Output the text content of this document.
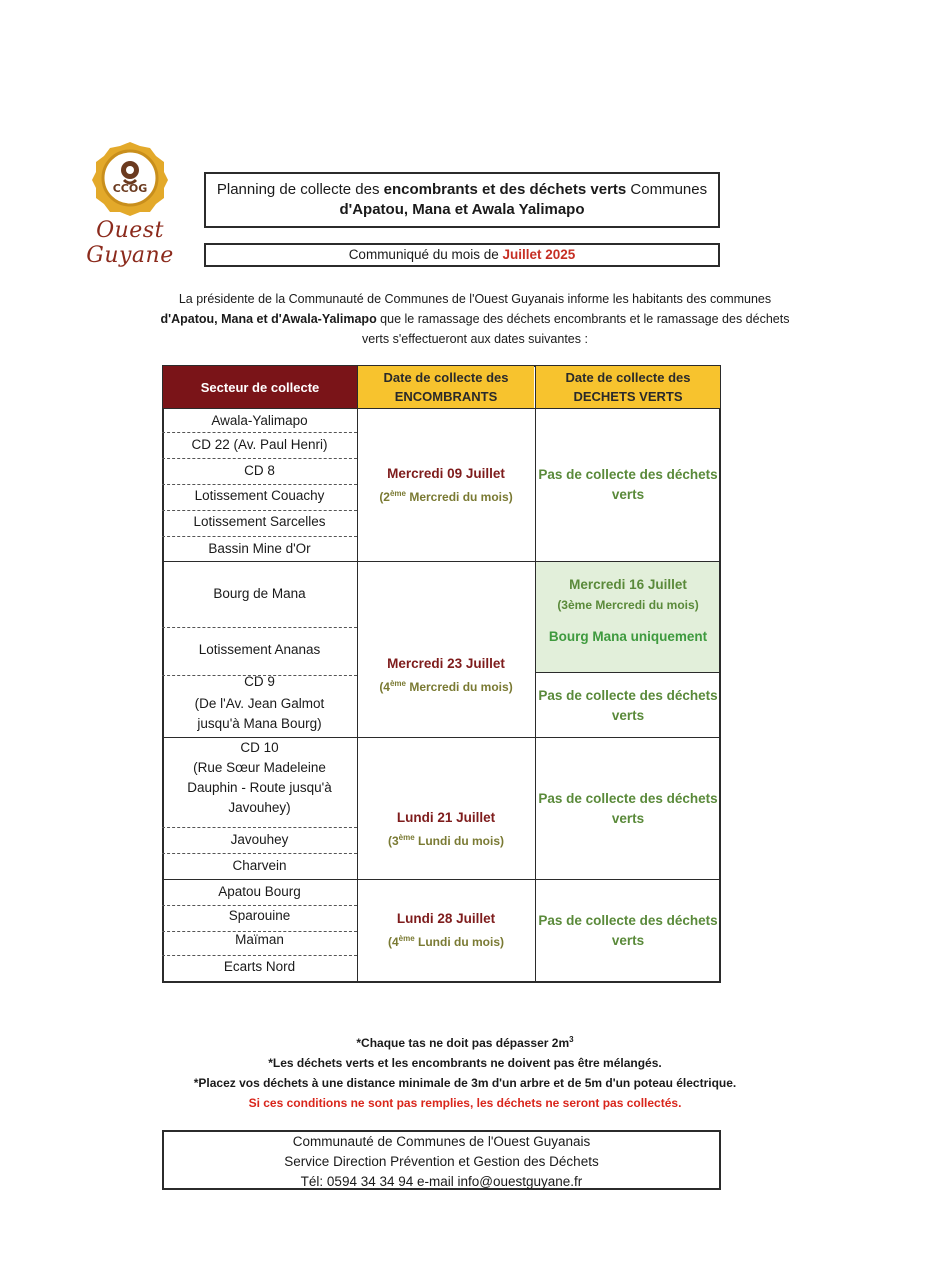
CCOG
Ouest Guyane
Planning de collecte des encombrants et des déchets verts Communes
d'Apatou, Mana et Awala Yalimapo
Communiqué du mois de Juillet 2025
La présidente de la Communauté de Communes de l'Ouest Guyanais informe les habitants des communes d'Apatou, Mana et d'Awala-Yalimapo que le ramassage des déchets encombrants et le ramassage des déchets verts s'effectueront aux dates suivantes :
Secteur de collecte
Date de collecte des
ENCOMBRANTS
Date de collecte des
DECHETS VERTS
Awala-Yalimapo
CD 22 (Av. Paul Henri)
CD 8
Lotissement Couachy
Lotissement Sarcelles
Bassin Mine d'Or
Mercredi 09 Juillet
(2ème Mercredi du mois)
Pas de collecte des déchets
verts
Bourg de Mana
Lotissement Ananas
CD 9
(De l'Av. Jean Galmot
jusqu'à Mana Bourg)
Mercredi 23 Juillet
(4ème Mercredi du mois)
Mercredi 16 Juillet
(3ème Mercredi du mois)
Bourg Mana uniquement
Pas de collecte des déchets
verts
CD 10
(Rue Sœur Madeleine
Dauphin - Route jusqu'à
Javouhey)
Javouhey
Charvein
Lundi 21 Juillet
(3ème Lundi du mois)
Pas de collecte des déchets
verts
Apatou Bourg
Sparouine
Maïman
Ecarts Nord
Lundi 28 Juillet
(4ème Lundi du mois)
Pas de collecte des déchets
verts
*Chaque tas ne doit pas dépasser $2m^3$
*Les déchets verts et les encombrants ne doivent pas être mélangés.
*Placez vos déchets à une distance minimale de 3m d'un arbre et de 5m d'un poteau électrique.
Si ces conditions ne sont pas remplies, les déchets ne seront pas collectés.
Communauté de Communes de l'Ouest Guyanais
Service Direction Prévention et Gestion des Déchets
Tél: 0594 34 34 94 e-mail info@ouestguyane.fr
